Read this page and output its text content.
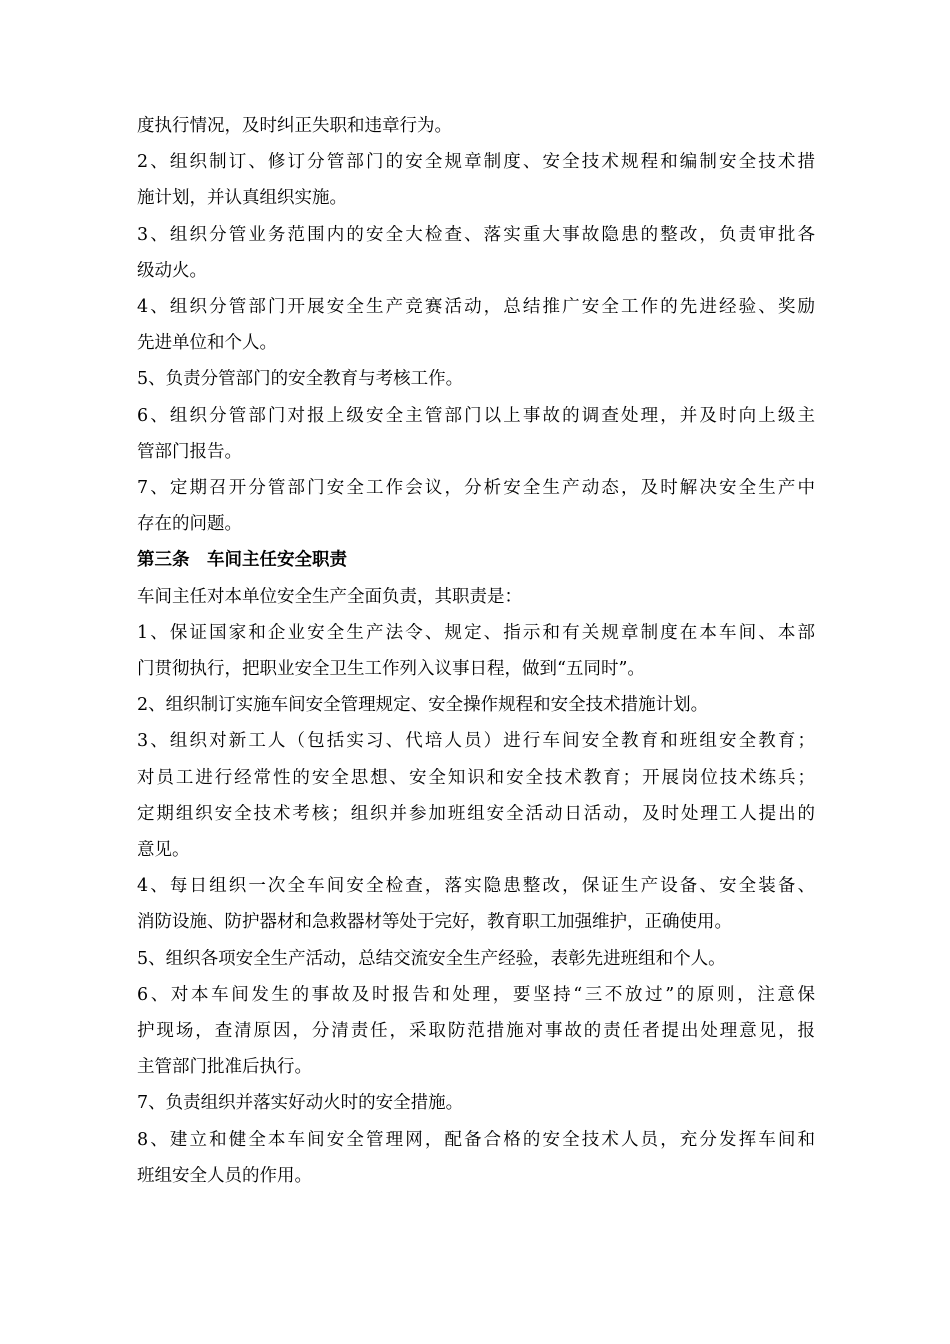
度执行情况，及时纠正失职和违章行为。

2、组织制订、修订分管部门的安全规章制度、安全技术规程和编制安全技术措

施计划，并认真组织实施。

3、组织分管业务范围内的安全大检查、落实重大事故隐患的整改，负责审批各

级动火。

4、组织分管部门开展安全生产竞赛活动，总结推广安全工作的先进经验、奖励

先进单位和个人。

5、负责分管部门的安全教育与考核工作。

6、组织分管部门对报上级安全主管部门以上事故的调查处理，并及时向上级主

管部门报告。

7、定期召开分管部门安全工作会议，分析安全生产动态，及时解决安全生产中

存在的问题。

第三条　车间主任安全职责

车间主任对本单位安全生产全面负责，其职责是：

1、保证国家和企业安全生产法令、规定、指示和有关规章制度在本车间、本部

门贯彻执行，把职业安全卫生工作列入议事日程，做到“五同时”。

2、组织制订实施车间安全管理规定、安全操作规程和安全技术措施计划。

3、组织对新工人（包括实习、代培人员）进行车间安全教育和班组安全教育；

对员工进行经常性的安全思想、安全知识和安全技术教育；开展岗位技术练兵；

定期组织安全技术考核；组织并参加班组安全活动日活动，及时处理工人提出的

意见。

4、每日组织一次全车间安全检查，落实隐患整改，保证生产设备、安全装备、

消防设施、防护器材和急救器材等处于完好，教育职工加强维护，正确使用。

5、组织各项安全生产活动，总结交流安全生产经验，表彰先进班组和个人。

6、对本车间发生的事故及时报告和处理，要坚持“三不放过”的原则，注意保

护现场，查清原因，分清责任，采取防范措施对事故的责任者提出处理意见，报

主管部门批准后执行。

7、负责组织并落实好动火时的安全措施。

8、建立和健全本车间安全管理网，配备合格的安全技术人员，充分发挥车间和

班组安全人员的作用。
